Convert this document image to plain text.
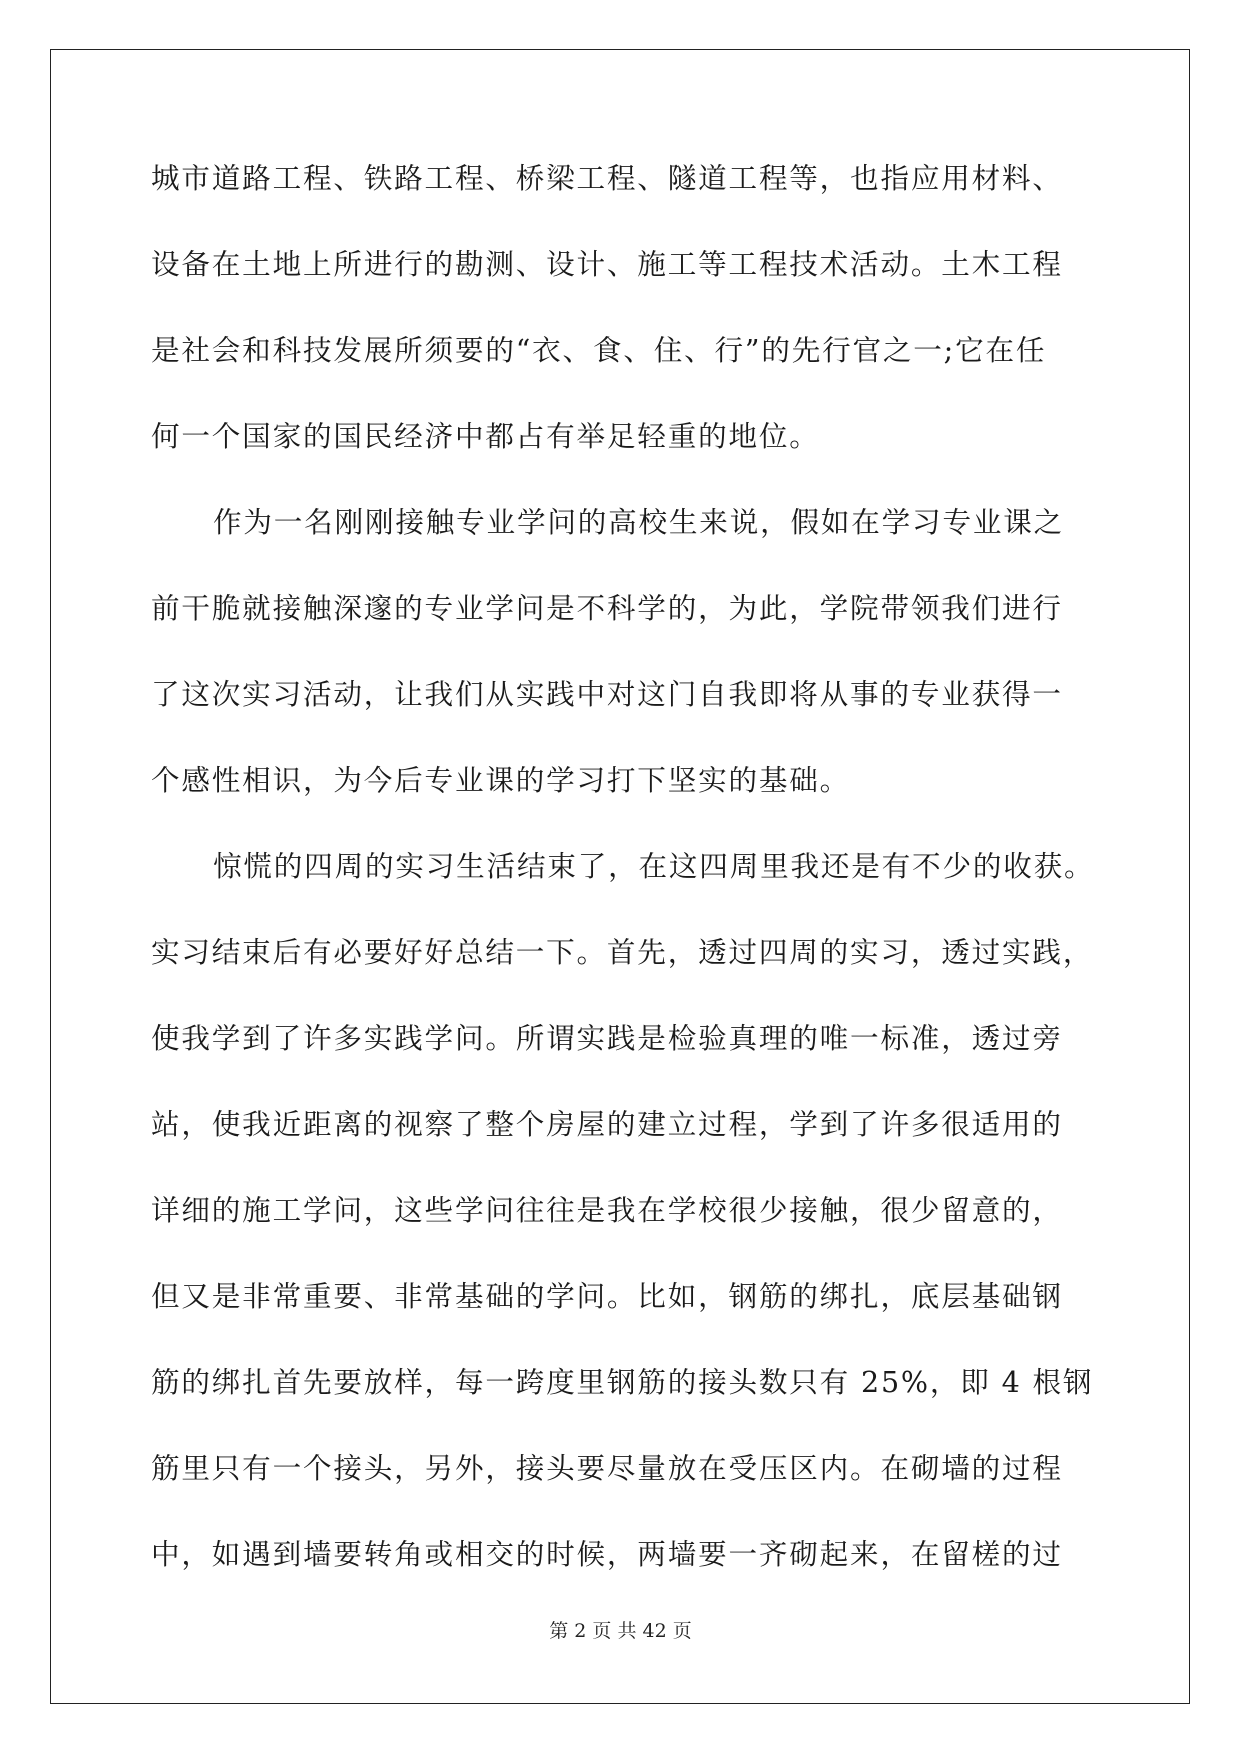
城市道路工程、铁路工程、桥梁工程、隧道工程等，也指应用材料、
设备在土地上所进行的勘测、设计、施工等工程技术活动。土木工程
是社会和科技发展所须要的“衣、食、住、行”的先行官之一;它在任
何一个国家的国民经济中都占有举足轻重的地位。
作为一名刚刚接触专业学问的高校生来说，假如在学习专业课之
前干脆就接触深邃的专业学问是不科学的，为此，学院带领我们进行
了这次实习活动，让我们从实践中对这门自我即将从事的专业获得一
个感性相识，为今后专业课的学习打下坚实的基础。
惊慌的四周的实习生活结束了，在这四周里我还是有不少的收获。
实习结束后有必要好好总结一下。首先，透过四周的实习，透过实践，
使我学到了许多实践学问。所谓实践是检验真理的唯一标准，透过旁
站，使我近距离的视察了整个房屋的建立过程，学到了许多很适用的
详细的施工学问，这些学问往往是我在学校很少接触，很少留意的，
但又是非常重要、非常基础的学问。比如，钢筋的绑扎，底层基础钢
筋的绑扎首先要放样，每一跨度里钢筋的接头数只有 25%，即 4 根钢
筋里只有一个接头，另外，接头要尽量放在受压区内。在砌墙的过程
中，如遇到墙要转角或相交的时候，两墙要一齐砌起来，在留槎的过
第 2 页 共 42 页
